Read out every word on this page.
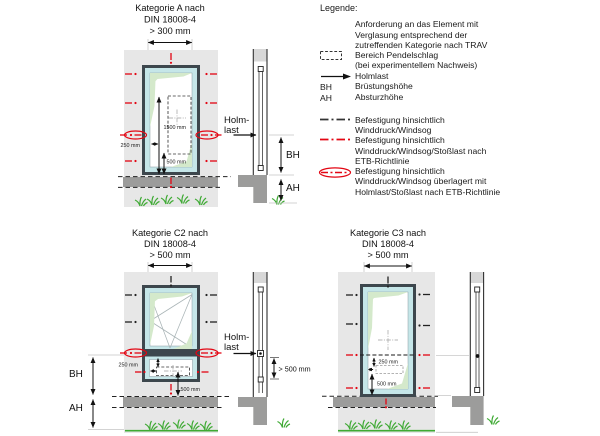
Kategorie A nach
DIN 18008-4
> 300 mm
1500 mm
500 mm
250 mm
Holm-
last
BH
AH
Legende:
Anforderung an das Element mit
Verglasung entsprechend der
zutreffenden Kategorie nach TRAV
Bereich Pendelschlag
(bei experimentellem Nachweis)
Holmlast
BH	Brüstungshöhe
AH	Absturzhöhe
Befestigung hinsichtlich
Winddruck/Windsog
Befestigung hinsichtlich
Winddruck/Windsog/Stoßlast nach
ETB-Richtlinie
Befestigung hinsichtlich
Winddruck/Windsog überlagert mit
Holmlast/Stoßlast nach ETB-Richtlinie
Kategorie C2 nach
DIN 18008-4
> 500 mm
250 mm
500 mm
BH
AH
Holm-
last
> 500 mm
Kategorie C3 nach
DIN 18008-4
> 500 mm
250 mm
500 mm
